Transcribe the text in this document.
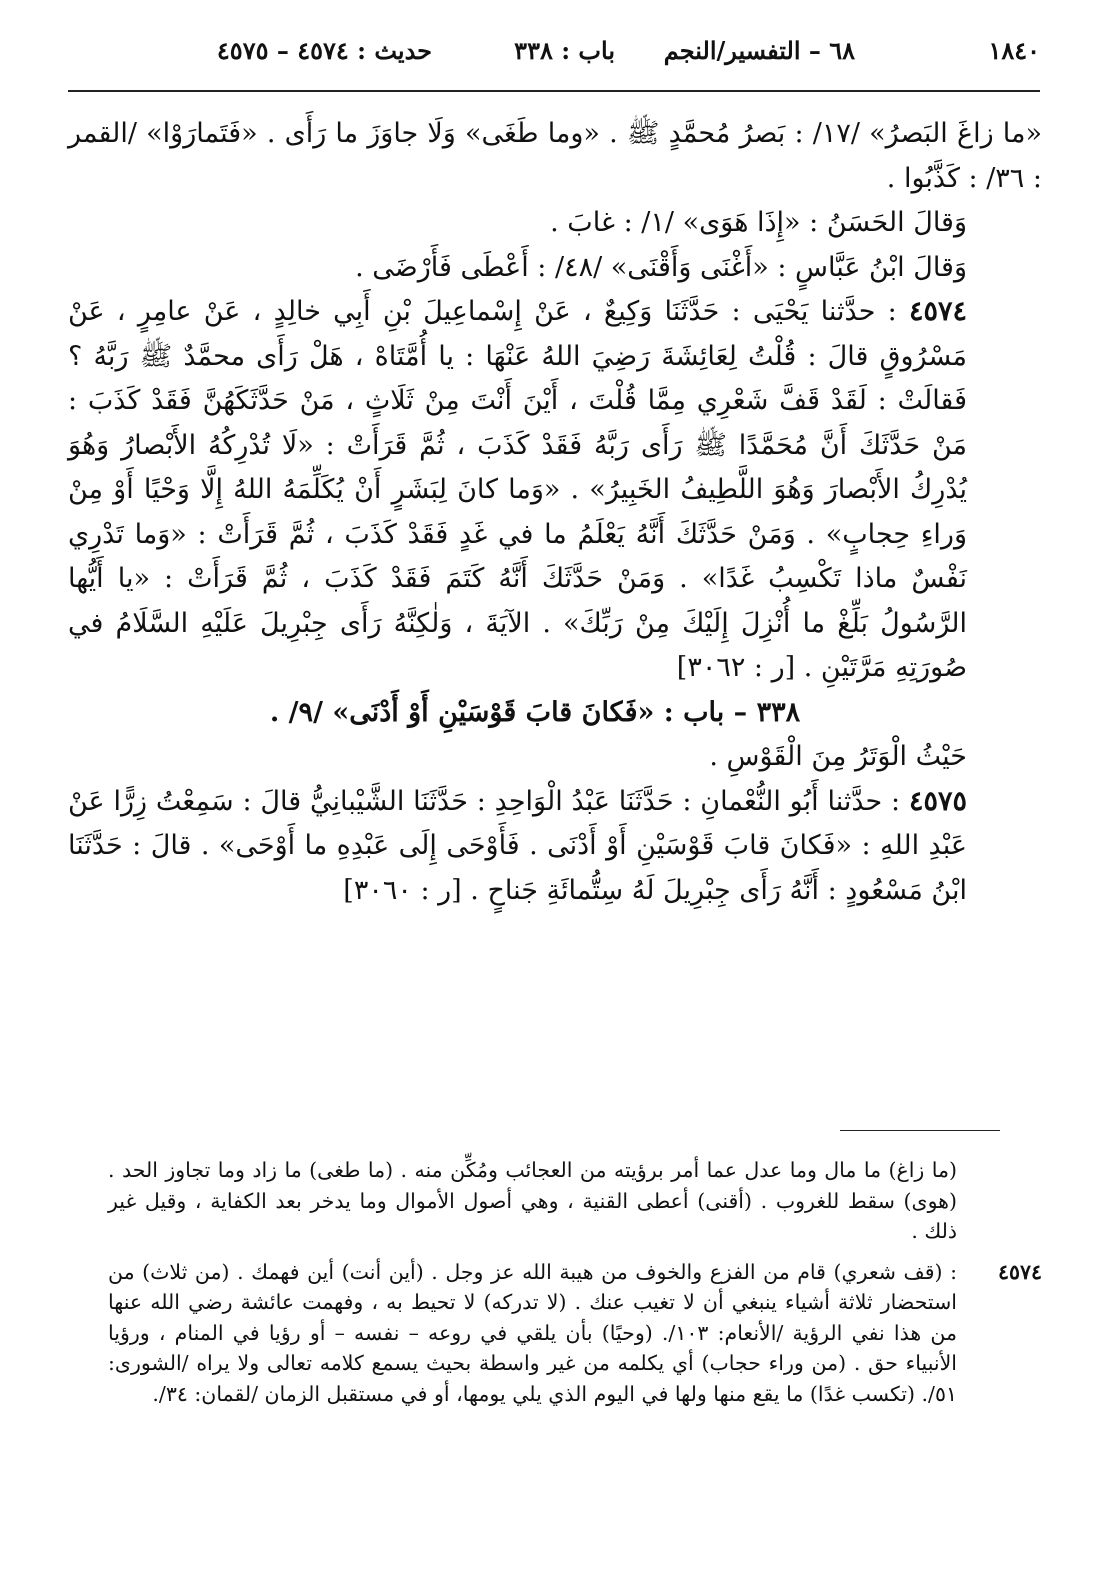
١٨٤٠
٦٨ – التفسير/النجم
باب : ٣٣٨
حديث : ٤٥٧٤ – ٤٥٧٥

«ما زاغَ البَصرُ» /١٧/ : بَصرُ مُحمَّدٍ ﷺ . «وما طَغَى» وَلَا جاوَزَ ما رَأَى . «فَتَمارَوْا» /القمر : ٣٦/ : كَذَّبُوا .

وَقالَ الحَسَنُ : «إِذَا هَوَى» /١/ : غابَ .

وَقالَ ابْنُ عَبَّاسٍ : «أَغْنَى وَأَقْنَى» /٤٨/ : أَعْطَى فَأَرْضَى .

٤٥٧٤ : حدَّثنا يَحْيَى : حَدَّثَنَا وَكِيعٌ ، عَنْ إِسْماعِيلَ بْنِ أَبِي خالِدٍ ، عَنْ عامِرٍ ، عَنْ مَسْرُوقٍ قالَ : قُلْتُ لِعَائِشَةَ رَضِيَ اللهُ عَنْهَا : يا أُمَّتَاهْ ، هَلْ رَأَى محمَّدٌ ﷺ رَبَّهُ ؟ فَقالَتْ : لَقَدْ قَفَّ شَعْرِي مِمَّا قُلْتَ ، أَيْنَ أَنْتَ مِنْ ثَلَاثٍ ، مَنْ حَدَّثَكَهُنَّ فَقَدْ كَذَبَ : مَنْ حَدَّثَكَ أَنَّ مُحَمَّدًا ﷺ رَأَى رَبَّهُ فَقَدْ كَذَبَ ، ثُمَّ قَرَأَتْ : «لَا تُدْرِكُهُ الأَبْصارُ وَهُوَ يُدْرِكُ الأَبْصارَ وَهُوَ اللَّطِيفُ الخَبِيرُ» . «وَما كانَ لِبَشَرٍ أَنْ يُكَلِّمَهُ اللهُ إِلَّا وَحْيًا أَوْ مِنْ وَراءِ حِجابٍ» . وَمَنْ حَدَّثَكَ أَنَّهُ يَعْلَمُ ما في غَدٍ فَقَدْ كَذَبَ ، ثُمَّ قَرَأَتْ : «وَما تَدْرِي نَفْسٌ ماذا تَكْسِبُ غَدًا» . وَمَنْ حَدَّثَكَ أَنَّهُ كَتَمَ فَقَدْ كَذَبَ ، ثُمَّ قَرَأَتْ : «يا أَيُّها الرَّسُولُ بَلِّغْ ما أُنْزِلَ إِلَيْكَ مِنْ رَبِّكَ» . الآيَةَ ، وَلٰكِنَّهُ رَأَى جِبْرِيلَ عَلَيْهِ السَّلَامُ في صُورَتِهِ مَرَّتَيْنِ . [ر : ٣٠٦٢]

٣٣٨ – باب : «فَكانَ قابَ قَوْسَيْنِ أَوْ أَدْنَى» /٩/ .

حَيْثُ الْوَتَرُ مِنَ الْقَوْسِ .

٤٥٧٥ : حدَّثنا أَبُو النُّعْمانِ : حَدَّثَنَا عَبْدُ الْوَاحِدِ : حَدَّثَنَا الشَّيْبانِيُّ قالَ : سَمِعْتُ زِرًّا عَنْ عَبْدِ اللهِ : «فَكانَ قابَ قَوْسَيْنِ أَوْ أَدْنَى . فَأَوْحَى إِلَى عَبْدِهِ ما أَوْحَى» . قالَ : حَدَّثَنَا ابْنُ مَسْعُودٍ : أَنَّهُ رَأَى جِبْرِيلَ لَهُ سِتُّمائَةِ جَناحٍ . [ر : ٣٠٦٠]

(ما زاغ) ما مال وما عدل عما أمر برؤيته من العجائب ومُكِّن منه . (ما طغى) ما زاد وما تجاوز الحد . (هوى) سقط للغروب . (أقنى) أعطى القنية ، وهي أصول الأموال وما يدخر بعد الكفاية ، وقيل غير ذلك .

٤٥٧٤
: (قف شعري) قام من الفزع والخوف من هيبة الله عز وجل . (أين أنت) أين فهمك . (من ثلاث) من استحضار ثلاثة أشياء ينبغي أن لا تغيب عنك . (لا تدركه) لا تحيط به ، وفهمت عائشة رضي الله عنها من هذا نفي الرؤية /الأنعام: ١٠٣/. (وحيًا) بأن يلقي في روعه – نفسه – أو رؤيا في المنام ، ورؤيا الأنبياء حق . (من وراء حجاب) أي يكلمه من غير واسطة بحيث يسمع كلامه تعالى ولا يراه /الشورى: ٥١/. (تكسب غدًا) ما يقع منها ولها في اليوم الذي يلي يومها، أو في مستقبل الزمان /لقمان: ٣٤/.
